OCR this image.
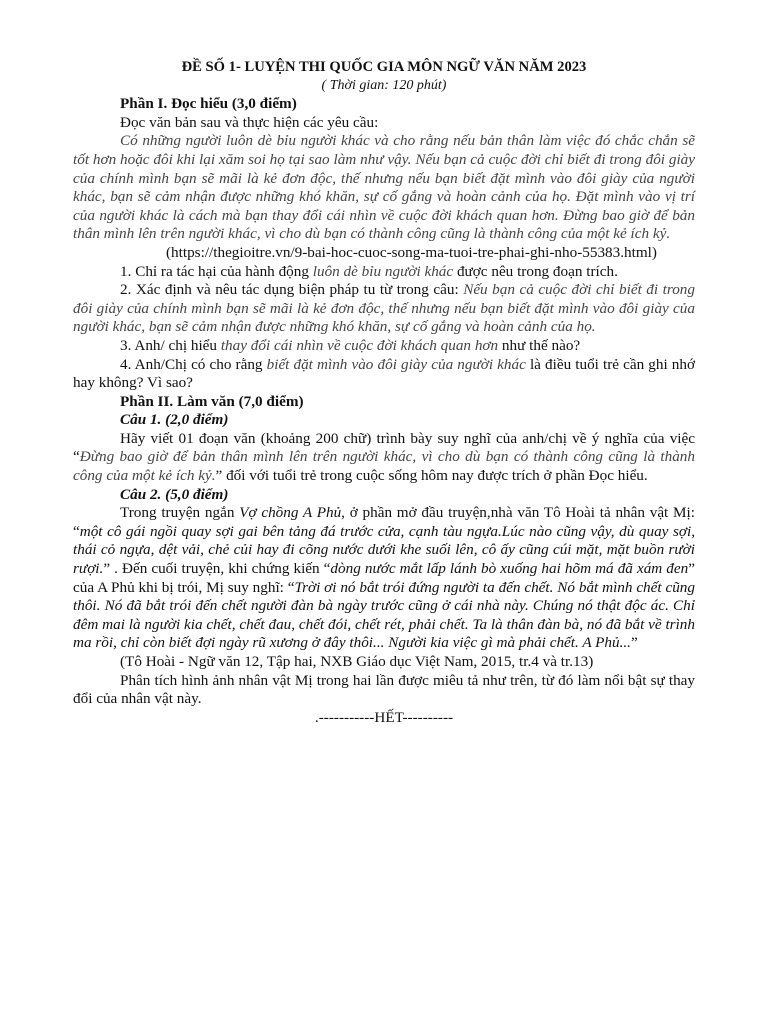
ĐỀ SỐ 1- LUYỆN THI QUỐC GIA MÔN NGỮ VĂN NĂM 2023

( Thời gian: 120 phút)

Phần I. Đọc hiểu (3,0 điểm)

Đọc văn bản sau và thực hiện các yêu cầu:

Có những người luôn dè bỉu người khác và cho rằng nếu bản thân làm việc đó chắc chắn sẽ tốt hơn hoặc đôi khi lại xăm soi họ tại sao làm như vậy. Nếu bạn cả cuộc đời chỉ biết đi trong đôi giày của chính mình bạn sẽ mãi là kẻ đơn độc, thế nhưng nếu bạn biết đặt mình vào đôi giày của người khác, bạn sẽ cảm nhận được những khó khăn, sự cố gắng và hoàn cảnh của họ. Đặt mình vào vị trí của người khác là cách mà bạn thay đổi cái nhìn về cuộc đời khách quan hơn. Đừng bao giờ để bản thân mình lên trên người khác, vì cho dù bạn có thành công cũng là thành công của một kẻ ích kỷ.

(https://thegioitre.vn/9-bai-hoc-cuoc-song-ma-tuoi-tre-phai-ghi-nho-55383.html)

1. Chỉ ra tác hại của hành động luôn dè bỉu người khác được nêu trong đoạn trích.

2. Xác định và nêu tác dụng biện pháp tu từ trong câu: Nếu bạn cả cuộc đời chỉ biết đi trong đôi giày của chính mình bạn sẽ mãi là kẻ đơn độc, thế nhưng nếu bạn biết đặt mình vào đôi giày của người khác, bạn sẽ cảm nhận được những khó khăn, sự cố gắng và hoàn cảnh của họ.

3. Anh/ chị hiểu thay đổi cái nhìn về cuộc đời khách quan hơn như thế nào?

4. Anh/Chị có cho rằng biết đặt mình vào đôi giày của người khác là điều tuổi trẻ cần ghi nhớ hay không? Vì sao?

Phần II. Làm văn (7,0 điểm)

Câu 1. (2,0 điểm)

Hãy viết 01 đoạn văn (khoảng 200 chữ) trình bày suy nghĩ của anh/chị về ý nghĩa của việc “Đừng bao giờ để bản thân mình lên trên người khác, vì cho dù bạn có thành công cũng là thành công của một kẻ ích kỷ.” đối với tuổi trẻ trong cuộc sống hôm nay được trích ở phần Đọc hiểu.

Câu 2. (5,0 điểm)

Trong truyện ngắn Vợ chồng A Phủ, ở phần mở đầu truyện,nhà văn Tô Hoài tả nhân vật Mị: “một cô gái ngồi quay sợi gai bên tảng đá trước cửa, cạnh tàu ngựa.Lúc nào cũng vậy, dù quay sợi, thái cỏ ngựa, dệt vải, chẻ củi hay đi cõng nước dưới khe suối lên, cô ấy cũng cúi mặt, mặt buồn rười rượi.” . Đến cuối truyện, khi chứng kiến “dòng nước mắt lấp lánh bò xuống hai hõm má đã xám đen” của A Phủ khi bị trói, Mị suy nghĩ: “Trời ơi nó bắt trói đứng người ta đến chết. Nó bắt mình chết cũng thôi. Nó đã bắt trói đến chết người đàn bà ngày trước cũng ở cái nhà này. Chúng nó thật độc ác. Chỉ đêm mai là người kia chết, chết đau, chết đói, chết rét, phải chết. Ta là thân đàn bà, nó đã bắt về trình ma rồi, chỉ còn biết đợi ngày rũ xương ở đây thôi... Người kia việc gì mà phải chết. A Phủ...”

(Tô Hoài - Ngữ văn 12, Tập hai, NXB Giáo dục Việt Nam, 2015, tr.4 và tr.13)

Phân tích hình ảnh nhân vật Mị trong hai lần được miêu tả như trên, từ đó làm nổi bật sự thay đổi của nhân vật này.

.-----------HẾT----------
